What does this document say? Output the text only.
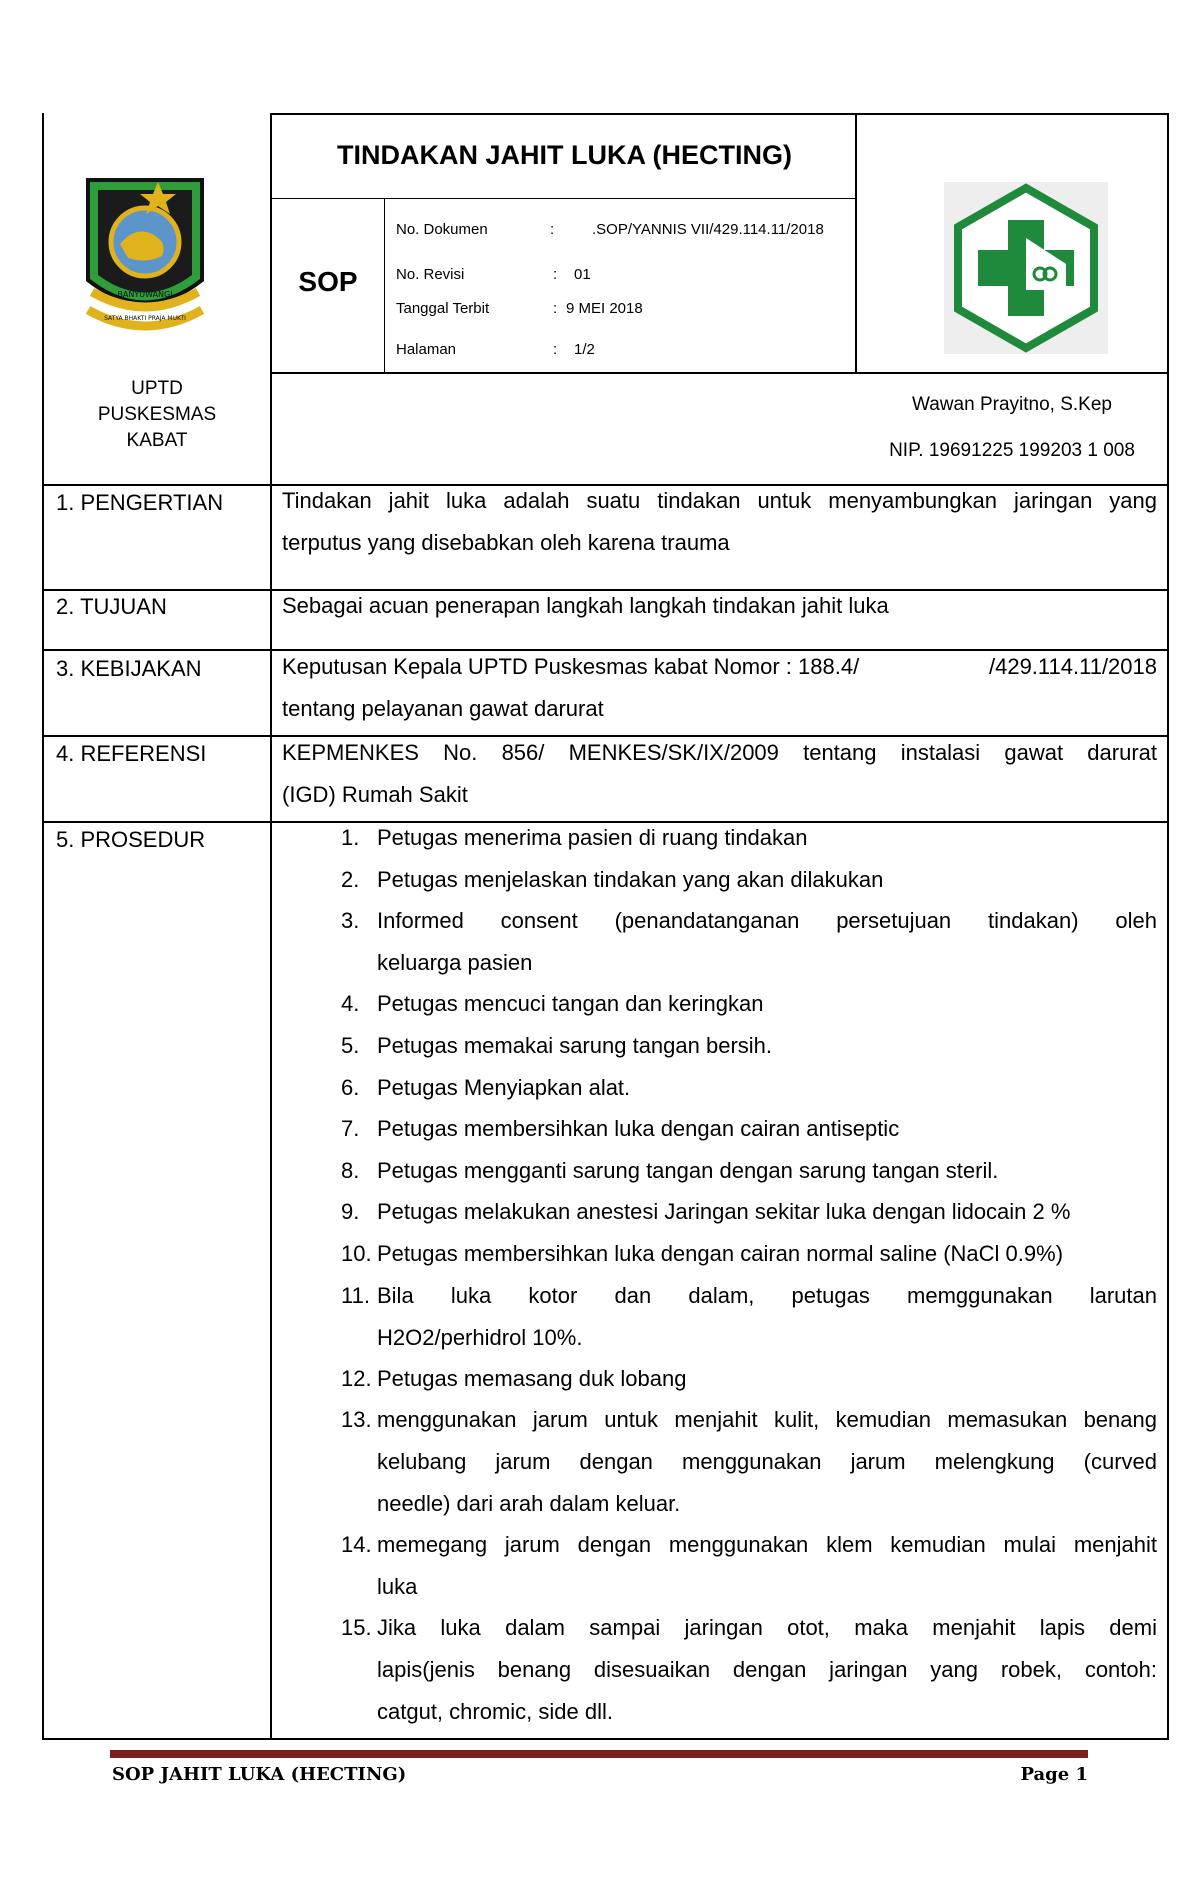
BANYUWANGI
SATYA BHAKTI PRAJA MUKTI
TINDAKAN JAHIT LUKA (HECTING)
SOP
No. Dokumen	:	.SOP/YANNIS VII/429.114.11/2018
No. Revisi	: 01
Tanggal Terbit	: 9 MEI 2018
Halaman	: 1/2
UPTD
PUSKESMAS
KABAT
Wawan Prayitno, S.Kep
NIP. 19691225 199203 1 008
1. PENGERTIAN	Tindakan jahit luka adalah suatu tindakan untuk menyambungkan jaringan yang
terputus yang disebabkan oleh karena trauma
2. TUJUAN	Sebagai acuan penerapan langkah langkah tindakan jahit luka
3. KEBIJAKAN	Keputusan Kepala UPTD Puskesmas kabat Nomor : 188.4/	/429.114.11/2018
tentang pelayanan gawat darurat
4. REFERENSI	KEPMENKES No. 856/ MENKES/SK/IX/2009 tentang instalasi gawat darurat
(IGD) Rumah Sakit
5. PROSEDUR	1. Petugas menerima pasien di ruang tindakan
2. Petugas menjelaskan tindakan yang akan dilakukan
3. Informed consent (penandatanganan persetujuan tindakan) oleh
keluarga pasien
4. Petugas mencuci tangan dan keringkan
5. Petugas memakai sarung tangan bersih.
6. Petugas Menyiapkan alat.
7. Petugas membersihkan luka dengan cairan antiseptic
8. Petugas mengganti sarung tangan dengan sarung tangan steril.
9. Petugas melakukan anestesi Jaringan sekitar luka dengan lidocain 2 %
10. Petugas membersihkan luka dengan cairan normal saline (NaCl 0.9%)
11. Bila luka kotor dan dalam, petugas memggunakan larutan
H2O2/perhidrol 10%.
12. Petugas memasang duk lobang
13. menggunakan jarum untuk menjahit kulit, kemudian memasukan benang
kelubang jarum dengan menggunakan jarum melengkung (curved
needle) dari arah dalam keluar.
14. memegang jarum dengan menggunakan klem kemudian mulai menjahit
luka
15. Jika luka dalam sampai jaringan otot, maka menjahit lapis demi
lapis(jenis benang disesuaikan dengan jaringan yang robek, contoh:
catgut, chromic, side dll.
SOP JAHIT LUKA (HECTING)	Page 1
